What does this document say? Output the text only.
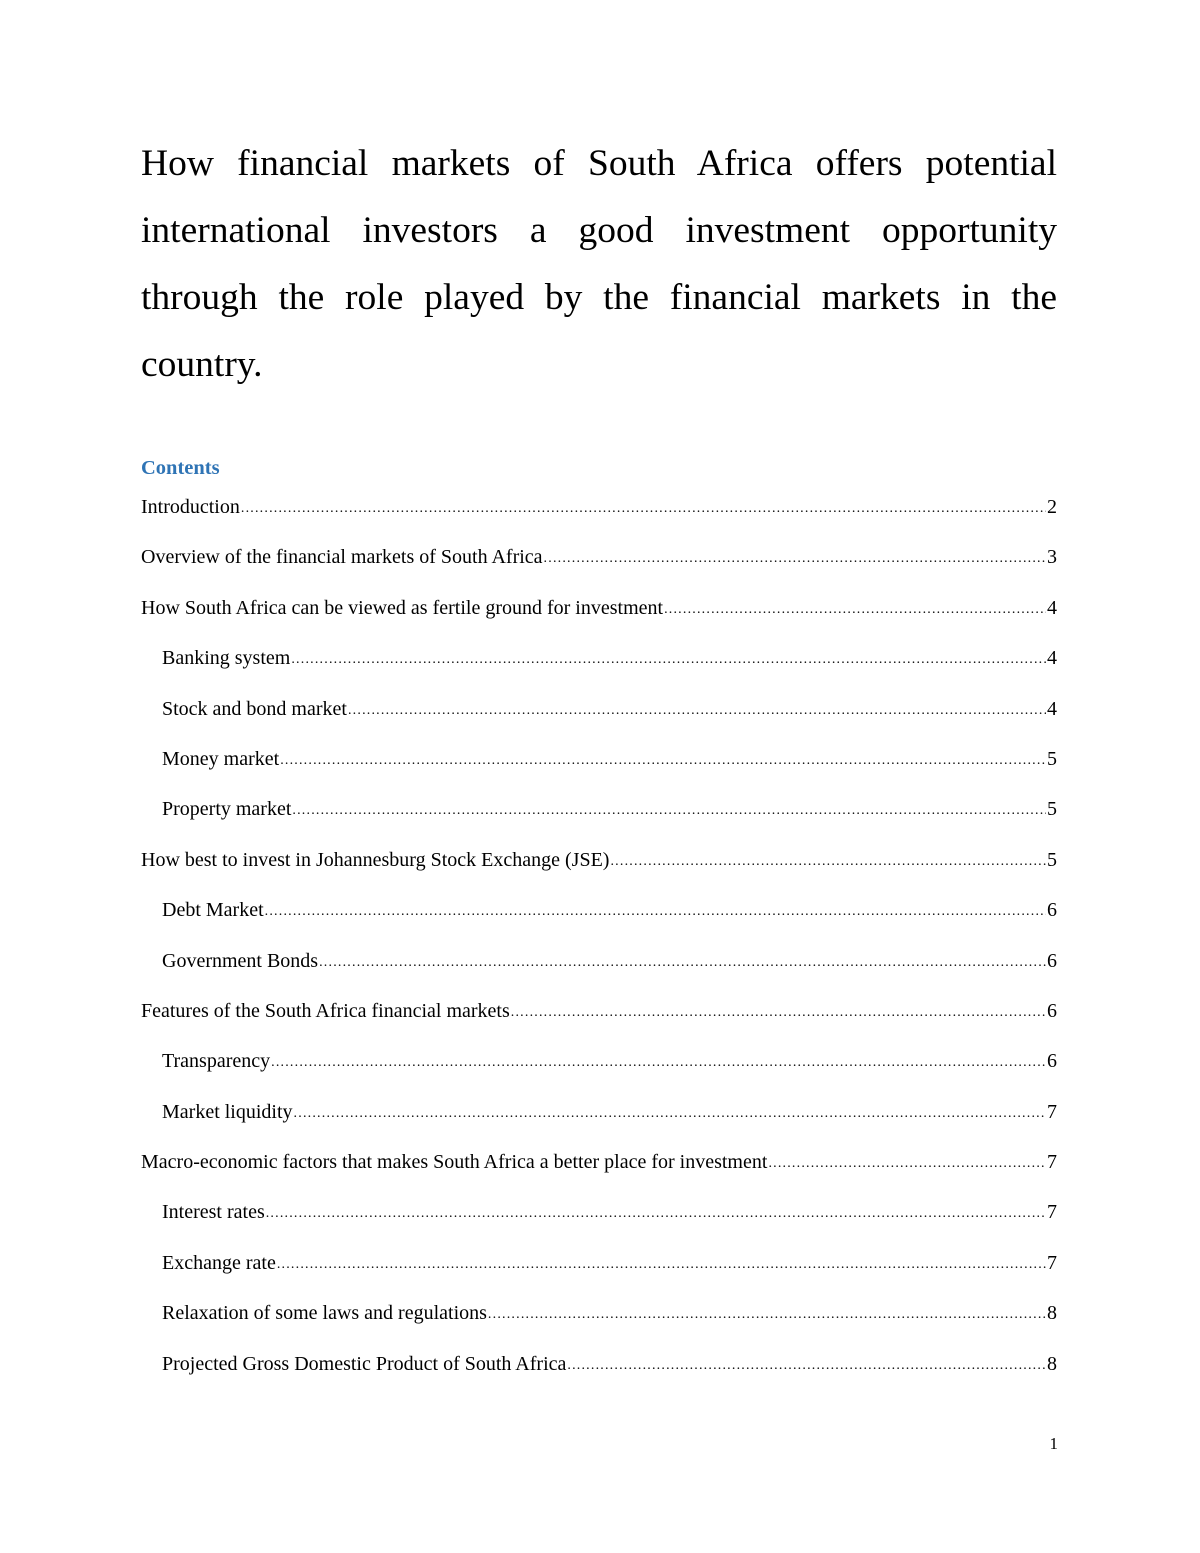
How financial markets of South Africa offers potential international investors a good investment opportunity through the role played by the financial markets in the country.
Contents
Introduction .....	2
Overview of the financial markets of South Africa .....	3
How South Africa can be viewed as fertile ground for investment .....	4
Banking system .....	4
Stock and bond market .....	4
Money market .....	5
Property market .....	5
How best to invest in Johannesburg Stock Exchange (JSE) .....	5
Debt Market .....	6
Government Bonds .....	6
Features of the South Africa financial markets .....	6
Transparency .....	6
Market liquidity .....	7
Macro-economic factors that makes South Africa a better place for investment .....	7
Interest rates .....	7
Exchange rate .....	7
Relaxation of some laws and regulations .....	8
Projected Gross Domestic Product of South Africa .....	8
1
